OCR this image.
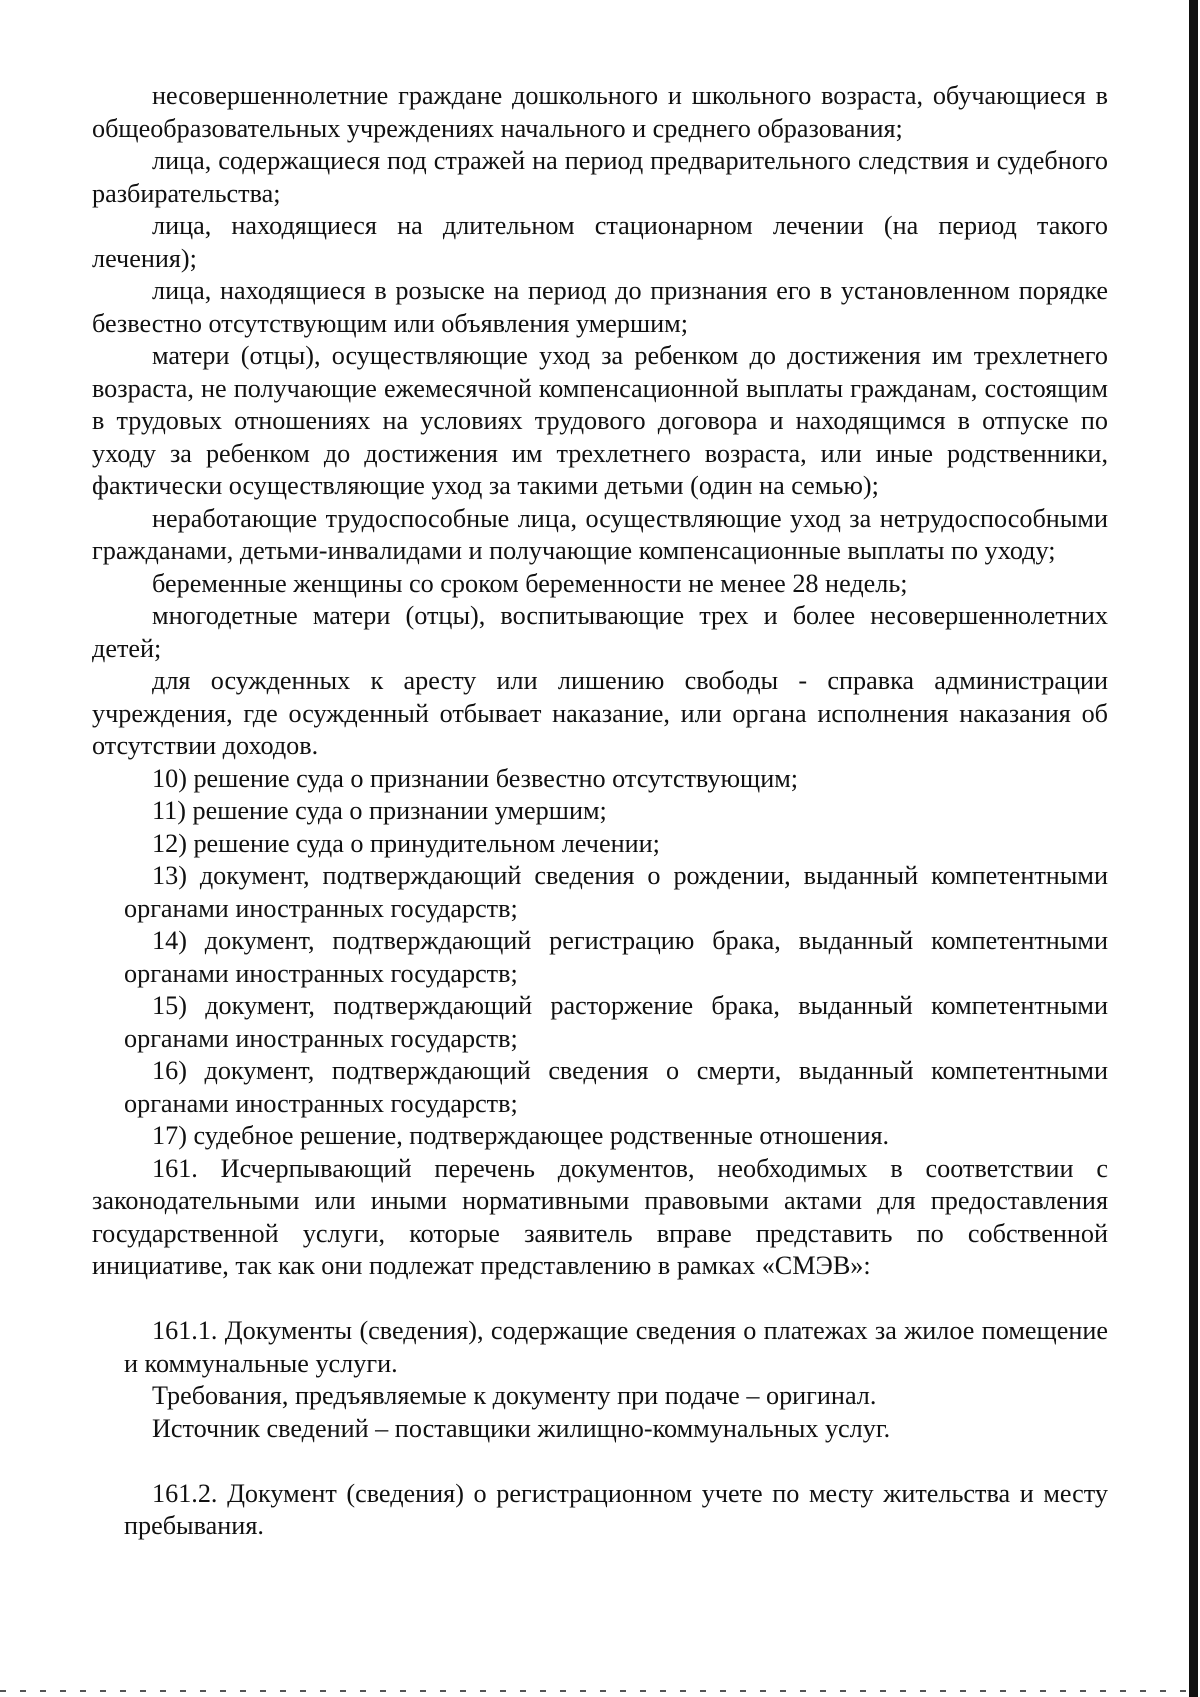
несовершеннолетние граждане дошкольного и школьного возраста, обучающиеся в общеобразовательных учреждениях начального и среднего образования;

лица, содержащиеся под стражей на период предварительного следствия и судебного разбирательства;

лица, находящиеся на длительном стационарном лечении (на период такого лечения);

лица, находящиеся в розыске на период до признания его в установленном порядке безвестно отсутствующим или объявления умершим;

матери (отцы), осуществляющие уход за ребенком до достижения им трехлетнего возраста, не получающие ежемесячной компенсационной выплаты гражданам, состоящим в трудовых отношениях на условиях трудового договора и находящимся в отпуске по уходу за ребенком до достижения им трехлетнего возраста, или иные родственники, фактически осуществляющие уход за такими детьми (один на семью);

неработающие трудоспособные лица, осуществляющие уход за нетрудоспособными гражданами, детьми-инвалидами и получающие компенсационные выплаты по уходу;

беременные женщины со сроком беременности не менее 28 недель;

многодетные матери (отцы), воспитывающие трех и более несовершеннолетних детей;

для осужденных к аресту или лишению свободы - справка администрации учреждения, где осужденный отбывает наказание, или органа исполнения наказания об отсутствии доходов.

10) решение суда о признании безвестно отсутствующим;

11) решение суда о признании умершим;

12) решение суда о принудительном лечении;

13) документ, подтверждающий сведения о рождении, выданный компетентными органами иностранных государств;

14) документ, подтверждающий регистрацию брака, выданный компетентными органами иностранных государств;

15) документ, подтверждающий расторжение брака, выданный компетентными органами иностранных государств;

16) документ, подтверждающий сведения о смерти, выданный компетентными органами иностранных государств;

17) судебное решение, подтверждающее родственные отношения.

161. Исчерпывающий перечень документов, необходимых в соответствии с законодательными или иными нормативными правовыми актами для предоставления государственной услуги, которые заявитель вправе представить по собственной инициативе, так как они подлежат представлению в рамках «СМЭВ»:

161.1. Документы (сведения), содержащие сведения о платежах за жилое помещение и коммунальные услуги.

Требования, предъявляемые к документу при подаче – оригинал.

Источник сведений – поставщики жилищно-коммунальных услуг.

161.2. Документ (сведения) о регистрационном учете по месту жительства и месту пребывания.
